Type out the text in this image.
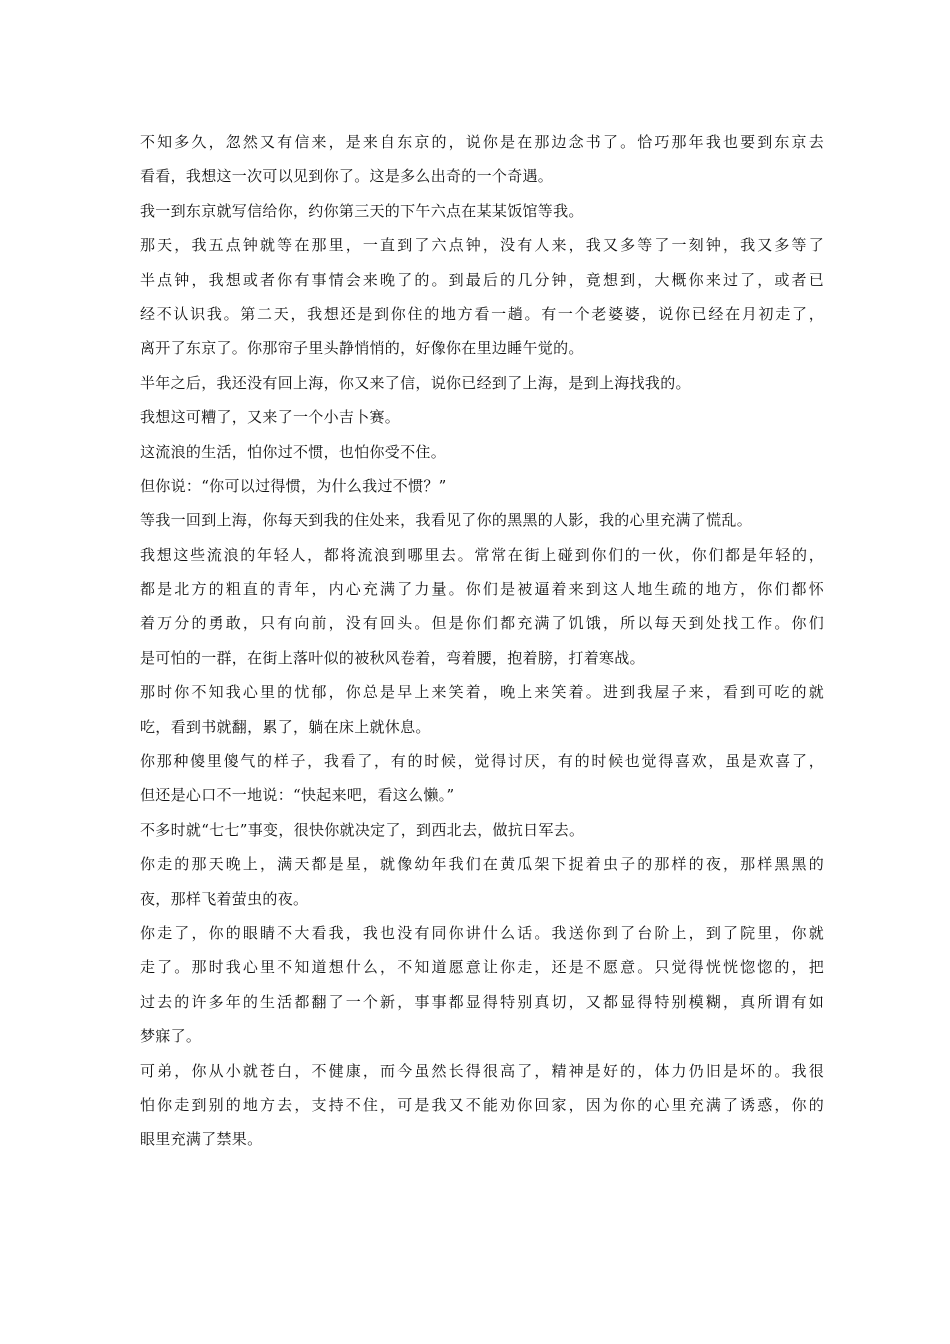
不知多久，忽然又有信来，是来自东京的，说你是在那边念书了。恰巧那年我也要到东京去
看看，我想这一次可以见到你了。这是多么出奇的一个奇遇。
我一到东京就写信给你，约你第三天的下午六点在某某饭馆等我。
那天，我五点钟就等在那里，一直到了六点钟，没有人来，我又多等了一刻钟，我又多等了
半点钟，我想或者你有事情会来晚了的。到最后的几分钟，竟想到，大概你来过了，或者已
经不认识我。第二天，我想还是到你住的地方看一趟。有一个老婆婆，说你已经在月初走了，
离开了东京了。你那帘子里头静悄悄的，好像你在里边睡午觉的。
半年之后，我还没有回上海，你又来了信，说你已经到了上海，是到上海找我的。
我想这可糟了，又来了一个小吉卜赛。
这流浪的生活，怕你过不惯，也怕你受不住。
但你说：“你可以过得惯，为什么我过不惯？”
等我一回到上海，你每天到我的住处来，我看见了你的黑黑的人影，我的心里充满了慌乱。
我想这些流浪的年轻人，都将流浪到哪里去。常常在街上碰到你们的一伙，你们都是年轻的，
都是北方的粗直的青年，内心充满了力量。你们是被逼着来到这人地生疏的地方，你们都怀
着万分的勇敢，只有向前，没有回头。但是你们都充满了饥饿，所以每天到处找工作。你们
是可怕的一群，在街上落叶似的被秋风卷着，弯着腰，抱着膀，打着寒战。
那时你不知我心里的忧郁，你总是早上来笑着，晚上来笑着。进到我屋子来，看到可吃的就
吃，看到书就翻，累了，躺在床上就休息。
你那种傻里傻气的样子，我看了，有的时候，觉得讨厌，有的时候也觉得喜欢，虽是欢喜了，
但还是心口不一地说：“快起来吧，看这么懒。”
不多时就“七七”事变，很快你就决定了，到西北去，做抗日军去。
你走的那天晚上，满天都是星，就像幼年我们在黄瓜架下捉着虫子的那样的夜，那样黑黑的
夜，那样飞着萤虫的夜。
你走了，你的眼睛不大看我，我也没有同你讲什么话。我送你到了台阶上，到了院里，你就
走了。那时我心里不知道想什么，不知道愿意让你走，还是不愿意。只觉得恍恍惚惚的，把
过去的许多年的生活都翻了一个新，事事都显得特别真切，又都显得特别模糊，真所谓有如
梦寐了。
可弟，你从小就苍白，不健康，而今虽然长得很高了，精神是好的，体力仍旧是坏的。我很
怕你走到别的地方去，支持不住，可是我又不能劝你回家，因为你的心里充满了诱惑，你的
眼里充满了禁果。
